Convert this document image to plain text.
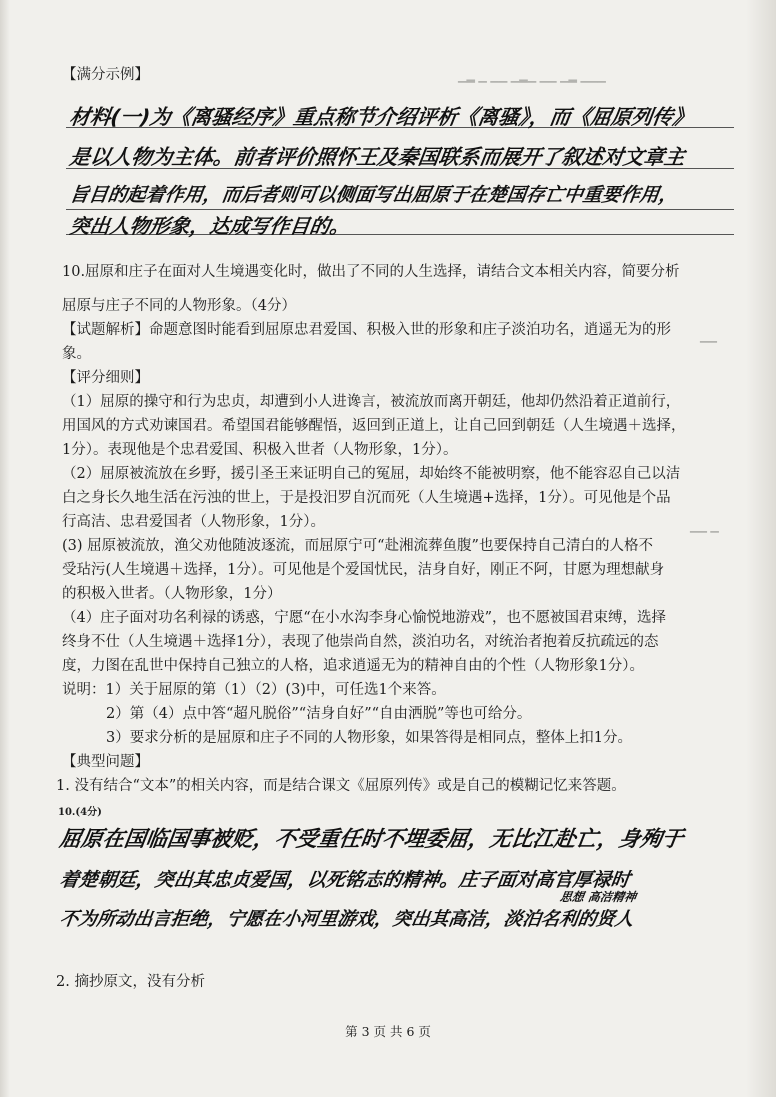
▁▂ ▁ ▁▁ ▁▂▁ ▁▁ ▁▂ ▁▁▁
▁▁
▁▁ ▁
【满分示例】
材料(一)为《离骚经序》重点称节介绍评析《离骚》，而《屈原列传》
是以人物为主体。前者评价照怀王及秦国联系而展开了叙述对文章主
旨目的起着作用，而后者则可以侧面写出屈原于在楚国存亡中重要作用，
突出人物形象，达成写作目的。
10.屈原和庄子在面对人生境遇变化时，做出了不同的人生选择，请结合文本相关内容，简要分析
屈原与庄子不同的人物形象。（4分）
【试题解析】命题意图时能看到屈原忠君爱国、积极入世的形象和庄子淡泊功名，逍遥无为的形
象。
【评分细则】
（1）屈原的操守和行为忠贞，却遭到小人进谗言，被流放而离开朝廷，他却仍然沿着正道前行，
用国风的方式劝谏国君。希望国君能够醒悟，返回到正道上，让自己回到朝廷（人生境遇＋选择，
1分）。表现他是个忠君爱国、积极入世者（人物形象，1分）。
（2）屈原被流放在乡野，援引圣王来证明自己的冤屈，却始终不能被明察，他不能容忍自己以洁
白之身长久地生活在污浊的世上，于是投汨罗自沉而死（人生境遇+选择，1分）。可见他是个品
行高洁、忠君爱国者（人物形象，1分）。
(3) 屈原被流放，渔父劝他随波逐流，而屈原宁可“赴湘流葬鱼腹”也要保持自己清白的人格不
受玷污(人生境遇＋选择，1分）。可见他是个爱国忧民，洁身自好，刚正不阿，甘愿为理想献身
的积极入世者。（人物形象，1分）
（4）庄子面对功名利禄的诱惑，宁愿“在小水沟李身心愉悦地游戏”，也不愿被国君束缚，选择
终身不仕（人生境遇＋选择1分），表现了他崇尚自然，淡泊功名，对统治者抱着反抗疏远的态
度，力图在乱世中保持自己独立的人格，追求逍遥无为的精神自由的个性（人物形象1分）。
说明：1）关于屈原的第（1）（2）(3)中，可任选1个来答。
2）第（4）点中答“超凡脱俗”“洁身自好”“自由洒脱”等也可给分。
3）要求分析的是屈原和庄子不同的人物形象，如果答得是相同点，整体上扣1分。
【典型问题】
1. 没有结合“文本”的相关内容，而是结合课文《屈原列传》或是自己的模糊记忆来答题。
10.(4分)
屈原在国临国事被贬，不受重任时不埋委屈，无比江赴亡，身殉于
着楚朝廷，突出其忠贞爱国，以死铭志的精神。庄子面对高官厚禄时
思想 高洁精神
不为所动出言拒绝，宁愿在小河里游戏，突出其高洁，淡泊名利的贤人
2. 摘抄原文，没有分析
第 3 页 共 6 页
